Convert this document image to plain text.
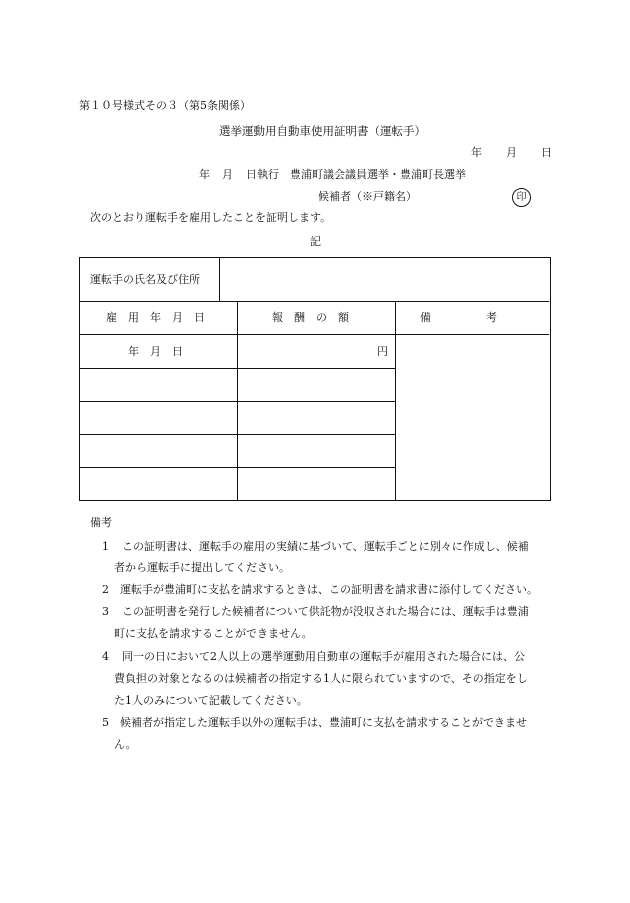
第１０号様式その３（第5条関係）
選挙運動用自動車使用証明書（運転手）
年 月 日
年 月 日執行 豊浦町議会議員選挙・豊浦町長選挙
候補者（※戸籍名）	印
次のとおり運転手を雇用したことを証明します。
記
運転手の氏名及び住所
雇　用　年　月　日	報　酬　の　額	備　　　　　考
年　月　日	円
備考
1 この証明書は、運転手の雇用の実績に基づいて、運転手ごとに別々に作成し、候補
者から運転手に提出してください。
2 運転手が豊浦町に支払を請求するときは、この証明書を請求書に添付してください。
3 この証明書を発行した候補者について供託物が没収された場合には、運転手は豊浦
町に支払を請求することができません。
4 同一の日において2人以上の選挙運動用自動車の運転手が雇用された場合には、公
費負担の対象となるのは候補者の指定する1人に限られていますので、その指定をし
た1人のみについて記載してください。
5 候補者が指定した運転手以外の運転手は、豊浦町に支払を請求することができませ
ん。
